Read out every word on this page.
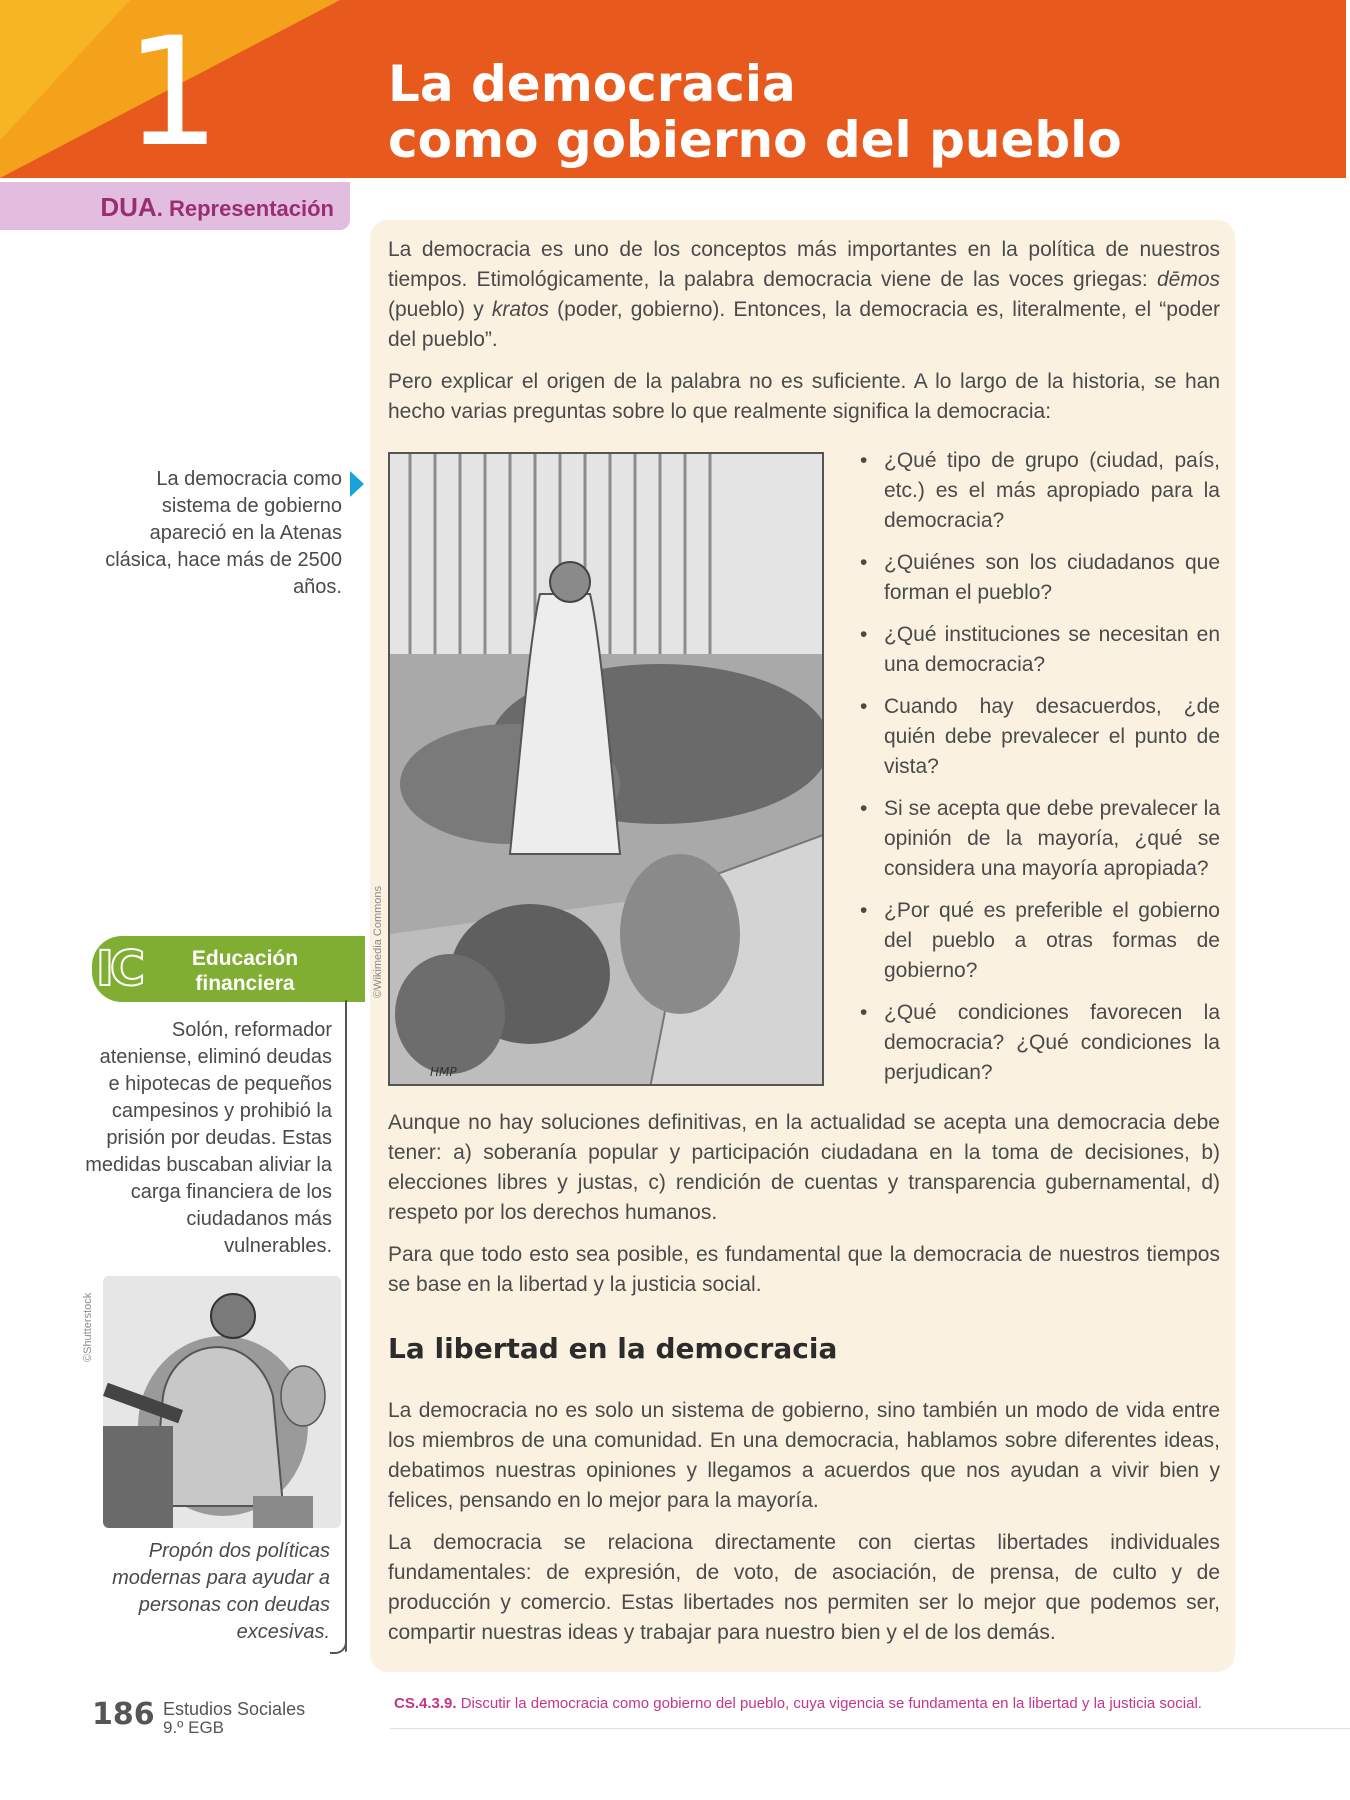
1	La democracia
como gobierno del pueblo
DUA. Representación
La democracia es uno de los conceptos más importantes en la política de nuestros tiempos. Etimológicamente, la palabra democracia viene de las voces griegas: dēmos (pueblo) y kratos (poder, gobierno). Entonces, la democracia es, literalmente, el “poder del pueblo”.
Pero explicar el origen de la palabra no es suficiente. A lo largo de la historia, se han hecho varias preguntas sobre lo que realmente significa la democracia:
HMP
©Wikimedia Commons
• ¿Qué tipo de grupo (ciudad, país, etc.) es el más apropiado para la democracia?
• ¿Quiénes son los ciudadanos que forman el pueblo?
• ¿Qué instituciones se necesitan en una democracia?
• Cuando hay desacuerdos, ¿de quién debe prevalecer el punto de vista?
• Si se acepta que debe prevalecer la opinión de la mayoría, ¿qué se considera una mayoría apropiada?
• ¿Por qué es preferible el gobierno del pueblo a otras formas de gobierno?
• ¿Qué condiciones favorecen la democracia? ¿Qué condiciones la perjudican?
Aunque no hay soluciones definitivas, en la actualidad se acepta una democracia debe tener: a) soberanía popular y participación ciudadana en la toma de decisiones, b) elecciones libres y justas, c) rendición de cuentas y transparencia gubernamental, d) respeto por los derechos humanos.
Para que todo esto sea posible, es fundamental que la democracia de nuestros tiempos se base en la libertad y la justicia social.
La libertad en la democracia
La democracia no es solo un sistema de gobierno, sino también un modo de vida entre los miembros de una comunidad. En una democracia, hablamos sobre diferentes ideas, debatimos nuestras opiniones y llegamos a acuerdos que nos ayudan a vivir bien y felices, pensando en lo mejor para la mayoría.
La democracia se relaciona directamente con ciertas libertades individuales fundamentales: de expresión, de voto, de asociación, de prensa, de culto y de producción y comercio. Estas libertades nos permiten ser lo mejor que podemos ser, compartir nuestras ideas y trabajar para nuestro bien y el de los demás.
La democracia como sistema de gobierno apareció en la Atenas clásica, hace más de 2500 años.
IC	Educación
financiera
Solón, reformador ateniense, eliminó deudas e hipotecas de pequeños campesinos y prohibió la prisión por deudas. Estas medidas buscaban aliviar la carga financiera de los ciudadanos más vulnerables.
©Shutterstock
Propón dos políticas modernas para ayudar a personas con deudas excesivas.
186 Estudios Sociales
9.º EGB
CS.4.3.9. Discutir la democracia como gobierno del pueblo, cuya vigencia se fundamenta en la libertad y la justicia social.
